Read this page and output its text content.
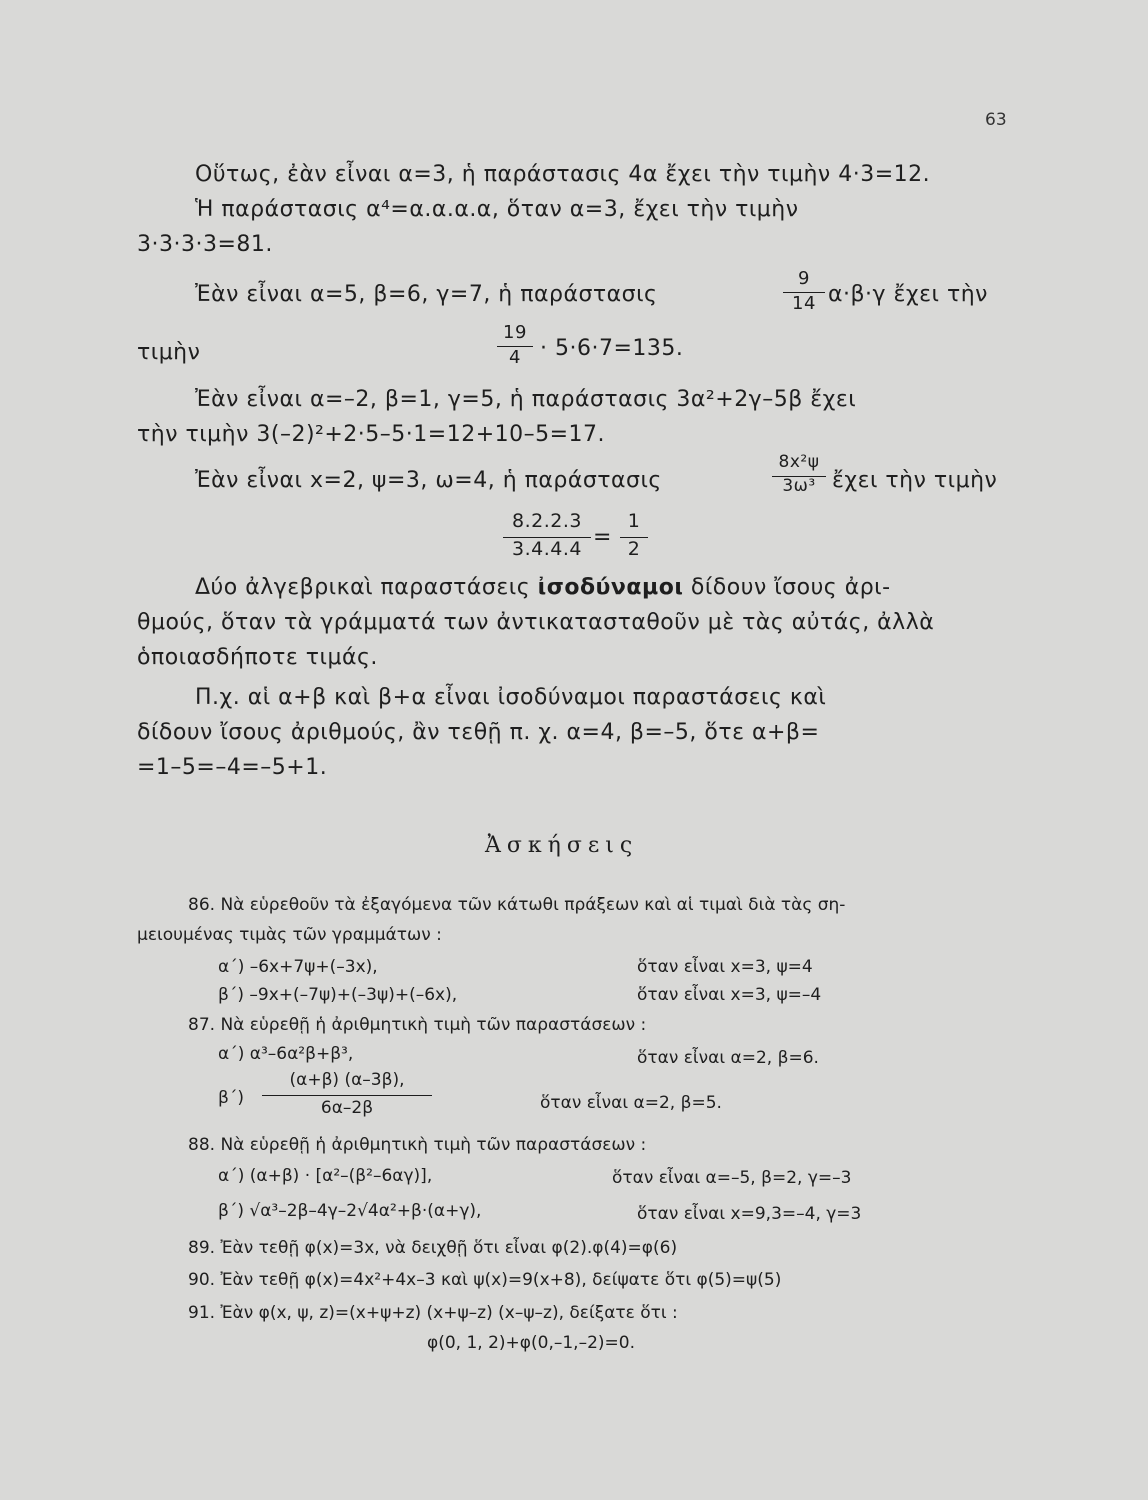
63
Οὕτως, ἐὰν εἶναι α=3, ἡ παράστασις 4α ἔχει τὴν τιμὴν 4·3=12.
Ἡ παράστασις α⁴=α.α.α.α, ὅταν α=3, ἔχει τὴν τιμὴν
3·3·3·3=81.
Ἐὰν εἶναι α=5, β=6, γ=7, ἡ παράστασις
9
14 α·β·γ ἔχει τὴν
τιμὴν
19
4 · 5·6·7=135.
Ἐὰν εἶναι α=–2, β=1, γ=5, ἡ παράστασις 3α²+2γ–5β ἔχει
τὴν τιμὴν 3(–2)²+2·5–5·1=12+10–5=17.
Ἐὰν εἶναι x=2, ψ=3, ω=4, ἡ παράστασις
8x²ψ
3ω³ ἔχει τὴν τιμὴν
8.2.2.3
3.4.4.4 =
1
2
Δύο ἀλγεβρικαὶ παραστάσεις ἰσοδύναμοι δίδουν ἴσους ἀρι-
θμούς, ὅταν τὰ γράμματά των ἀντικατασταθοῦν μὲ τὰς αὐτάς, ἀλλὰ
ὁποιασδήποτε τιμάς.
Π.χ. αἱ α+β καὶ β+α εἶναι ἰσοδύναμοι παραστάσεις καὶ
δίδουν ἴσους ἀριθμούς, ἂν τεθῇ π. χ. α=4, β=–5, ὅτε α+β=
=1–5=–4=–5+1.
Ἀσκήσεις
86. Νὰ εὑρεθοῦν τὰ ἐξαγόμενα τῶν κάτωθι πράξεων καὶ αἱ τιμαὶ διὰ τὰς ση-
μειουμένας τιμὰς τῶν γραμμάτων :
α΄) –6x+7ψ+(–3x),	ὅταν εἶναι x=3, ψ=4
β΄) –9x+(–7ψ)+(–3ψ)+(–6x),	ὅταν εἶναι x=3, ψ=–4
87. Νὰ εὑρεθῇ ἡ ἀριθμητικὴ τιμὴ τῶν παραστάσεων :
α΄) α³–6α²β+β³,	ὅταν εἶναι α=2, β=6.
β΄)
(α+β) (α–3β),
6α–2β	ὅταν εἶναι α=2, β=5.
88. Νὰ εὑρεθῇ ἡ ἀριθμητικὴ τιμὴ τῶν παραστάσεων :
α΄) (α+β) · [α²–(β²–6αγ)],	ὅταν εἶναι α=–5, β=2, γ=–3
β΄) √α³–2β–4γ–2√4α²+β·(α+γ),	ὅταν εἶναι x=9,3=–4, γ=3
89. Ἐὰν τεθῇ φ(x)=3x, νὰ δειχθῇ ὅτι εἶναι φ(2).φ(4)=φ(6)
90. Ἐὰν τεθῇ φ(x)=4x²+4x–3 καὶ ψ(x)=9(x+8), δείψατε ὅτι φ(5)=ψ(5)
91. Ἐὰν φ(x, ψ, z)=(x+ψ+z) (x+ψ–z) (x–ψ–z), δείξατε ὅτι :
φ(0, 1, 2)+φ(0,–1,–2)=0.
